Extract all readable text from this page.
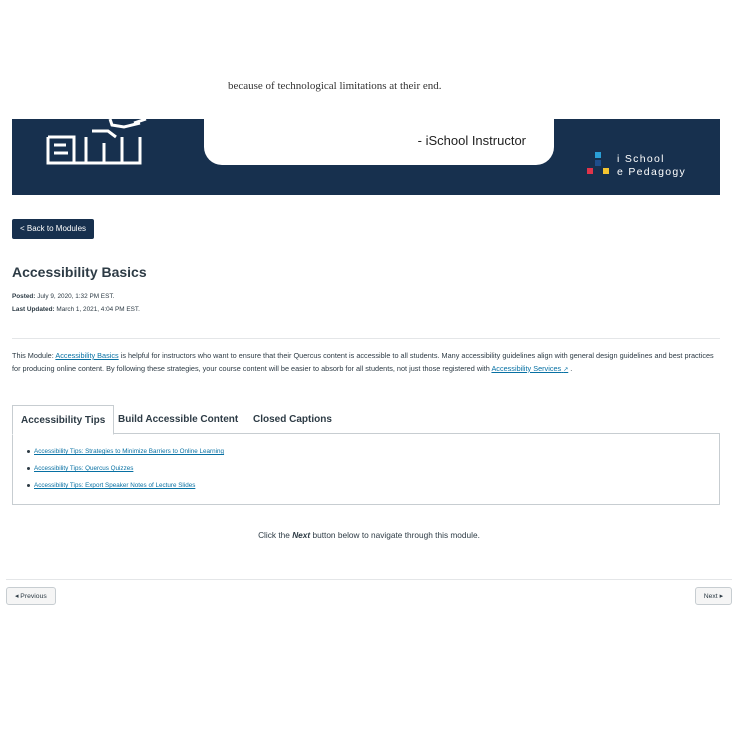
because of technological limitations at their end.
- iSchool Instructor
i School
e Pedagogy
< Back to Modules
Accessibility Basics
Posted: July 9, 2020, 1:32 PM EST.
Last Updated: March 1, 2021, 4:04 PM EST.
This Module: Accessibility Basics is helpful for instructors who want to ensure that their Quercus content is accessible to all students. Many accessibility guidelines align with general design guidelines and best practices for producing online content. By following these strategies, your course content will be easier to absorb for all students, not just those registered with Accessibility Services ↗ .
Accessibility Tips	Build Accessible Content	Closed Captions
Accessibility Tips: Strategies to Minimize Barriers to Online Learning
Accessibility Tips: Quercus Quizzes
Accessibility Tips: Export Speaker Notes of Lecture Slides
Click the Next button below to navigate through this module.
◂ Previous	Next ▸
